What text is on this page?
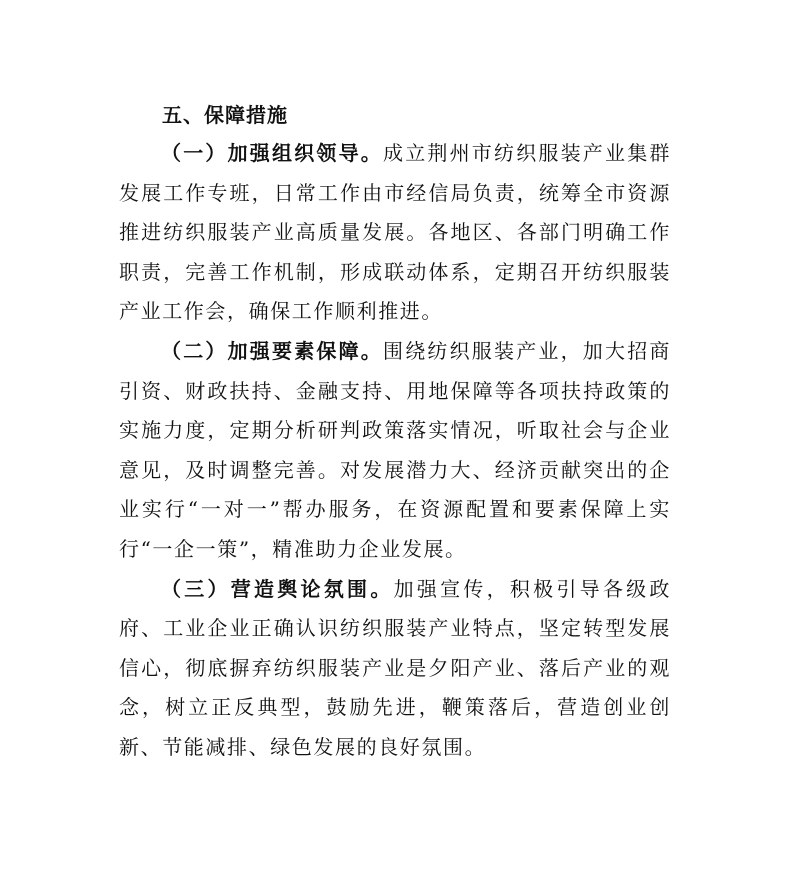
五、保障措施

（一）加强组织领导。成立荆州市纺织服装产业集群发展工作专班，日常工作由市经信局负责，统筹全市资源推进纺织服装产业高质量发展。各地区、各部门明确工作职责，完善工作机制，形成联动体系，定期召开纺织服装产业工作会，确保工作顺利推进。

（二）加强要素保障。围绕纺织服装产业，加大招商引资、财政扶持、金融支持、用地保障等各项扶持政策的实施力度，定期分析研判政策落实情况，听取社会与企业意见，及时调整完善。对发展潜力大、经济贡献突出的企业实行“一对一”帮办服务，在资源配置和要素保障上实行“一企一策”，精准助力企业发展。

（三）营造舆论氛围。加强宣传，积极引导各级政府、工业企业正确认识纺织服装产业特点，坚定转型发展信心，彻底摒弃纺织服装产业是夕阳产业、落后产业的观念，树立正反典型，鼓励先进，鞭策落后，营造创业创新、节能减排、绿色发展的良好氛围。
